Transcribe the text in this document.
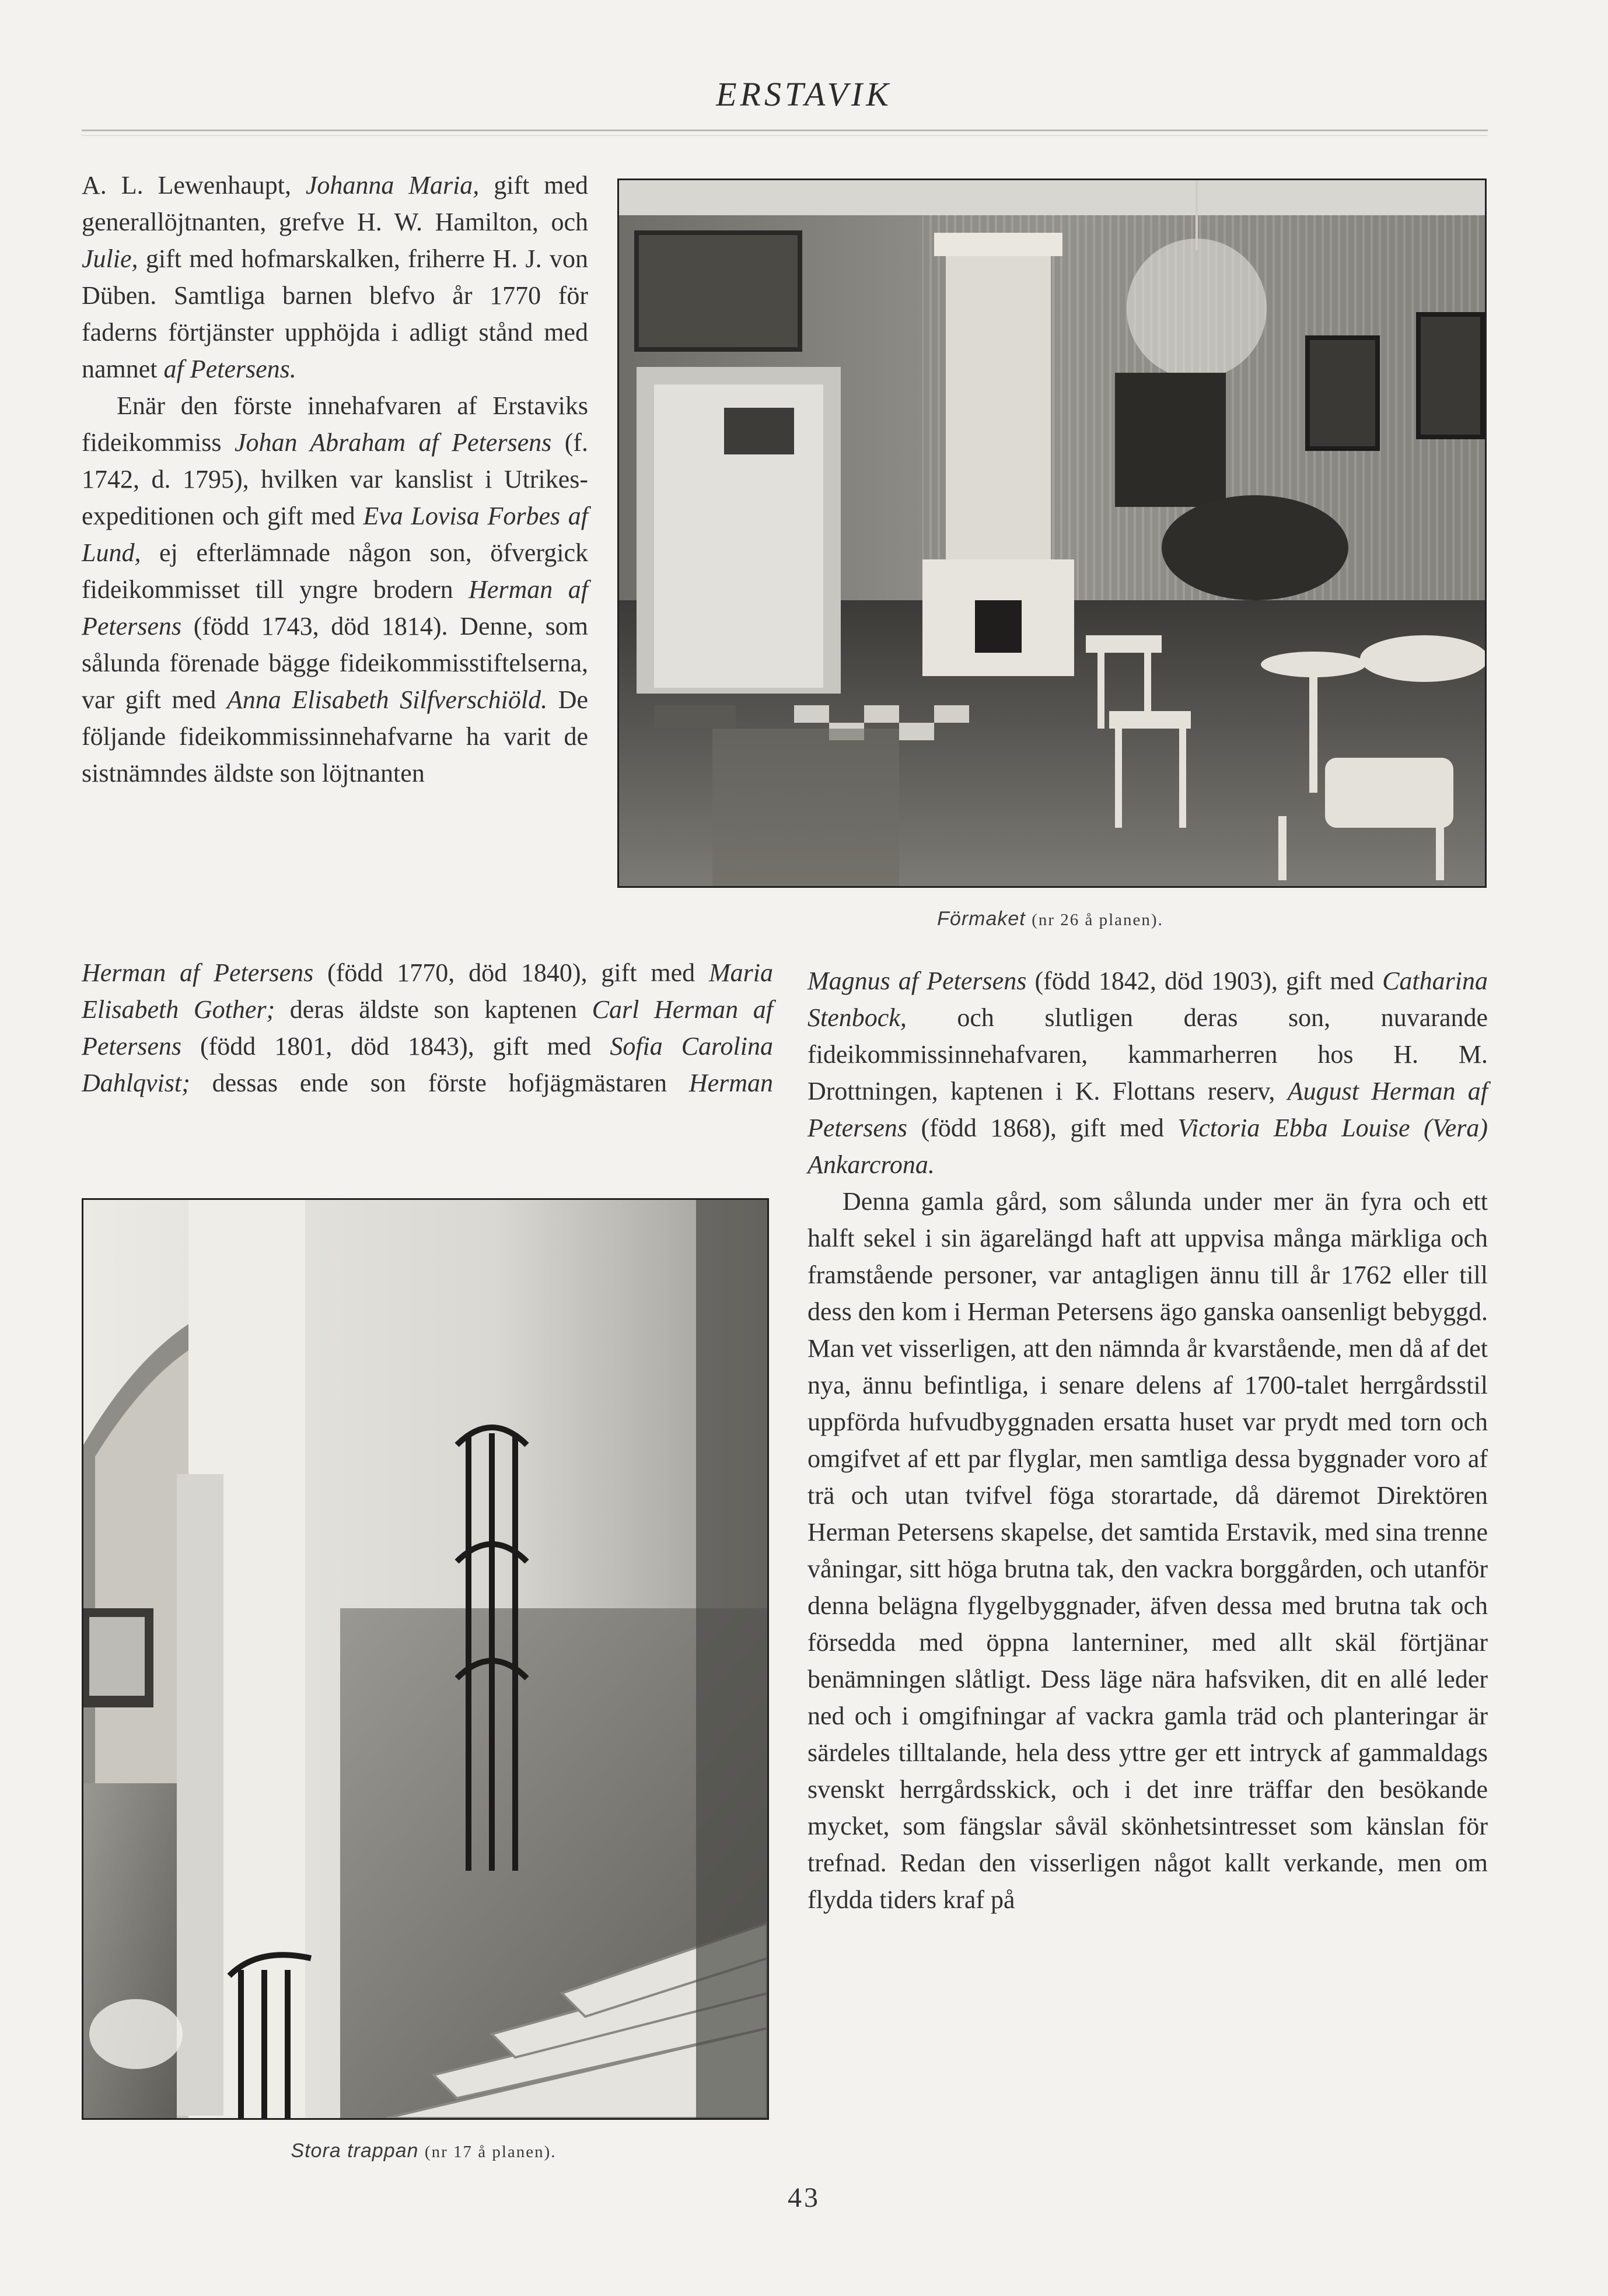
ERSTAVIK

A. L. Lewenhaupt, Johanna Maria, gift med generallöjtnanten, grefve H. W. Hamilton, och Julie, gift med hofmarskalken, friherre H. J. von Düben. Samtliga barnen blefvo år 1770 för faderns förtjänster upphöjda i adligt stånd med namnet af Petersens.

Enär den förste innehafvaren af Erstaviks fideikommiss Johan Abraham af Petersens (f. 1742, d. 1795), hvilken var kanslist i Utrikes-expeditionen och gift med Eva Lovisa Forbes af Lund, ej efterlämnade någon son, öfvergick fideikommisset till yngre brodern Herman af Petersens (född 1743, död 1814). Denne, som sålunda förenade bägge fideikommisstiftelserna, var gift med Anna Elisabeth Silfverschiöld. De följande fideikommissinnehafvarne ha varit de sistnämndes äldste son löjtnanten

Herman af Petersens (född 1770, död 1840), gift med Maria Elisabeth Gother; deras äldste son kaptenen Carl Herman af Petersens (född 1801, död 1843), gift med Sofia Carolina Dahlqvist; dessas ende son förste hofjägmästaren Herman

Magnus af Petersens (född 1842, död 1903), gift med Catharina Stenbock, och slutligen deras son, nuvarande fideikommissinnehafvaren, kammarherren hos H. M. Drottningen, kaptenen i K. Flottans reserv, August Herman af Petersens (född 1868), gift med Victoria Ebba Louise (Vera) Ankarcrona.

Denna gamla gård, som sålunda under mer än fyra och ett halft sekel i sin ägarelängd haft att uppvisa många märkliga och framstående personer, var antagligen ännu till år 1762 eller till dess den kom i Herman Petersens ägo ganska oansenligt bebyggd. Man vet visserligen, att den nämnda år kvarstående, men då af det nya, ännu befintliga, i senare delens af 1700-talet herrgårdsstil uppförda hufvudbyggnaden ersatta huset var prydt med torn och omgifvet af ett par flyglar, men samtliga dessa byggnader voro af trä och utan tvifvel föga storartade, då däremot Direktören Herman Petersens skapelse, det samtida Erstavik, med sina trenne våningar, sitt höga brutna tak, den vackra borggården, och utanför denna belägna flygelbyggnader, äfven dessa med brutna tak och försedda med öppna lanterniner, med allt skäl förtjänar benämningen slåtligt. Dess läge nära hafsviken, dit en allé leder ned och i omgifningar af vackra gamla träd och planteringar är särdeles tilltalande, hela dess yttre ger ett intryck af gammaldags svenskt herrgårdsskick, och i det inre träffar den besökande mycket, som fängslar såväl skönhetsintresset som känslan för trefnad. Redan den visserligen något kallt verkande, men om flydda tiders kraf på

Förmaket (nr 26 å planen).
Stora trappan (nr 17 å planen).
43
